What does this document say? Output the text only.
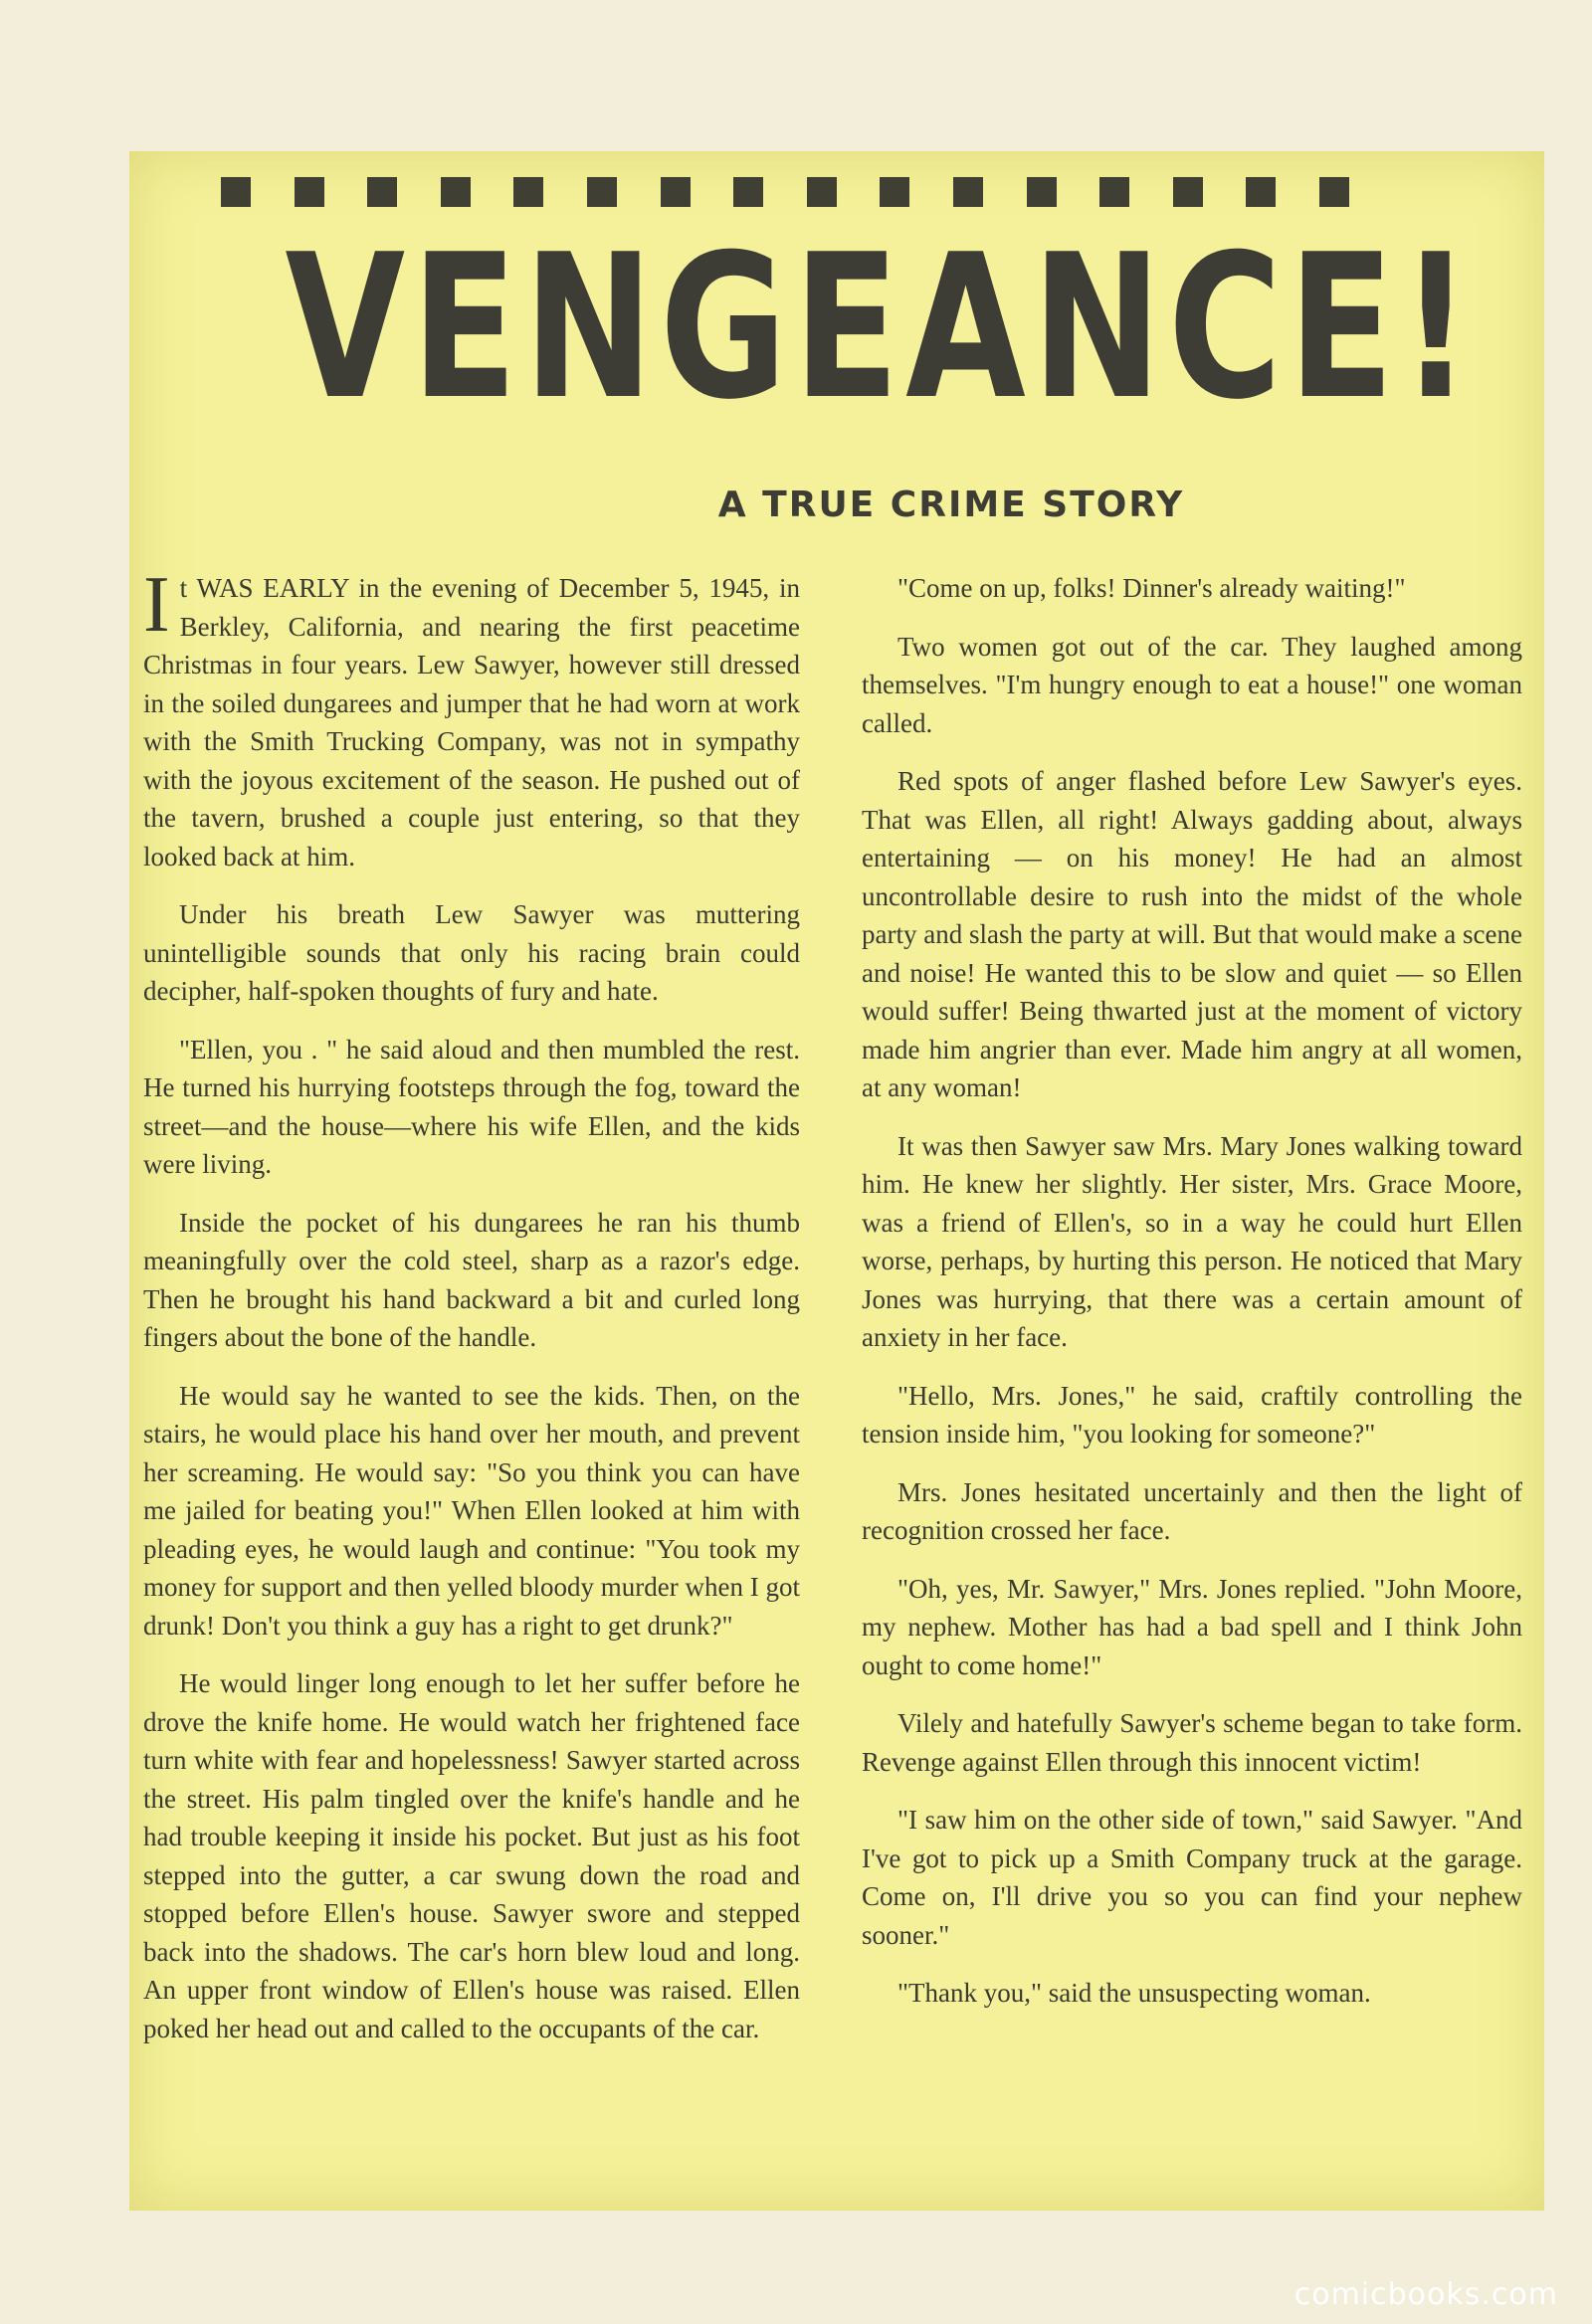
VENGEANCE!
A TRUE CRIME STORY

It WAS EARLY in the evening of December 5, 1945, in Berkley, California, and nearing the first peacetime Christmas in four years. Lew Sawyer, however still dressed in the soiled dungarees and jumper that he had worn at work with the Smith Trucking Company, was not in sympathy with the joyous excitement of the season. He pushed out of the tavern, brushed a couple just entering, so that they looked back at him.

Under his breath Lew Sawyer was muttering unintelligible sounds that only his racing brain could decipher, half-spoken thoughts of fury and hate.

"Ellen, you . " he said aloud and then mumbled the rest. He turned his hurrying footsteps through the fog, toward the street—and the house—where his wife Ellen, and the kids were living.

Inside the pocket of his dungarees he ran his thumb meaningfully over the cold steel, sharp as a razor's edge. Then he brought his hand backward a bit and curled long fingers about the bone of the handle.

He would say he wanted to see the kids. Then, on the stairs, he would place his hand over her mouth, and prevent her screaming. He would say: "So you think you can have me jailed for beating you!" When Ellen looked at him with pleading eyes, he would laugh and continue: "You took my money for support and then yelled bloody murder when I got drunk! Don't you think a guy has a right to get drunk?"

He would linger long enough to let her suffer before he drove the knife home. He would watch her frightened face turn white with fear and hopelessness! Sawyer started across the street. His palm tingled over the knife's handle and he had trouble keeping it inside his pocket. But just as his foot stepped into the gutter, a car swung down the road and stopped before Ellen's house. Sawyer swore and stepped back into the shadows. The car's horn blew loud and long. An upper front window of Ellen's house was raised. Ellen poked her head out and called to the occupants of the car.

"Come on up, folks! Dinner's already waiting!"

Two women got out of the car. They laughed among themselves. "I'm hungry enough to eat a house!" one woman called.

Red spots of anger flashed before Lew Sawyer's eyes. That was Ellen, all right! Always gadding about, always entertaining — on his money! He had an almost uncontrollable desire to rush into the midst of the whole party and slash the party at will. But that would make a scene and noise! He wanted this to be slow and quiet — so Ellen would suffer! Being thwarted just at the moment of victory made him angrier than ever. Made him angry at all women, at any woman!

It was then Sawyer saw Mrs. Mary Jones walking toward him. He knew her slightly. Her sister, Mrs. Grace Moore, was a friend of Ellen's, so in a way he could hurt Ellen worse, perhaps, by hurting this person. He noticed that Mary Jones was hurrying, that there was a certain amount of anxiety in her face.

"Hello, Mrs. Jones," he said, craftily controlling the tension inside him, "you looking for someone?"

Mrs. Jones hesitated uncertainly and then the light of recognition crossed her face.

"Oh, yes, Mr. Sawyer," Mrs. Jones replied. "John Moore, my nephew. Mother has had a bad spell and I think John ought to come home!"

Vilely and hatefully Sawyer's scheme began to take form. Revenge against Ellen through this innocent victim!

"I saw him on the other side of town," said Sawyer. "And I've got to pick up a Smith Company truck at the garage. Come on, I'll drive you so you can find your nephew sooner."

"Thank you," said the unsuspecting woman.

comicbooks.com
